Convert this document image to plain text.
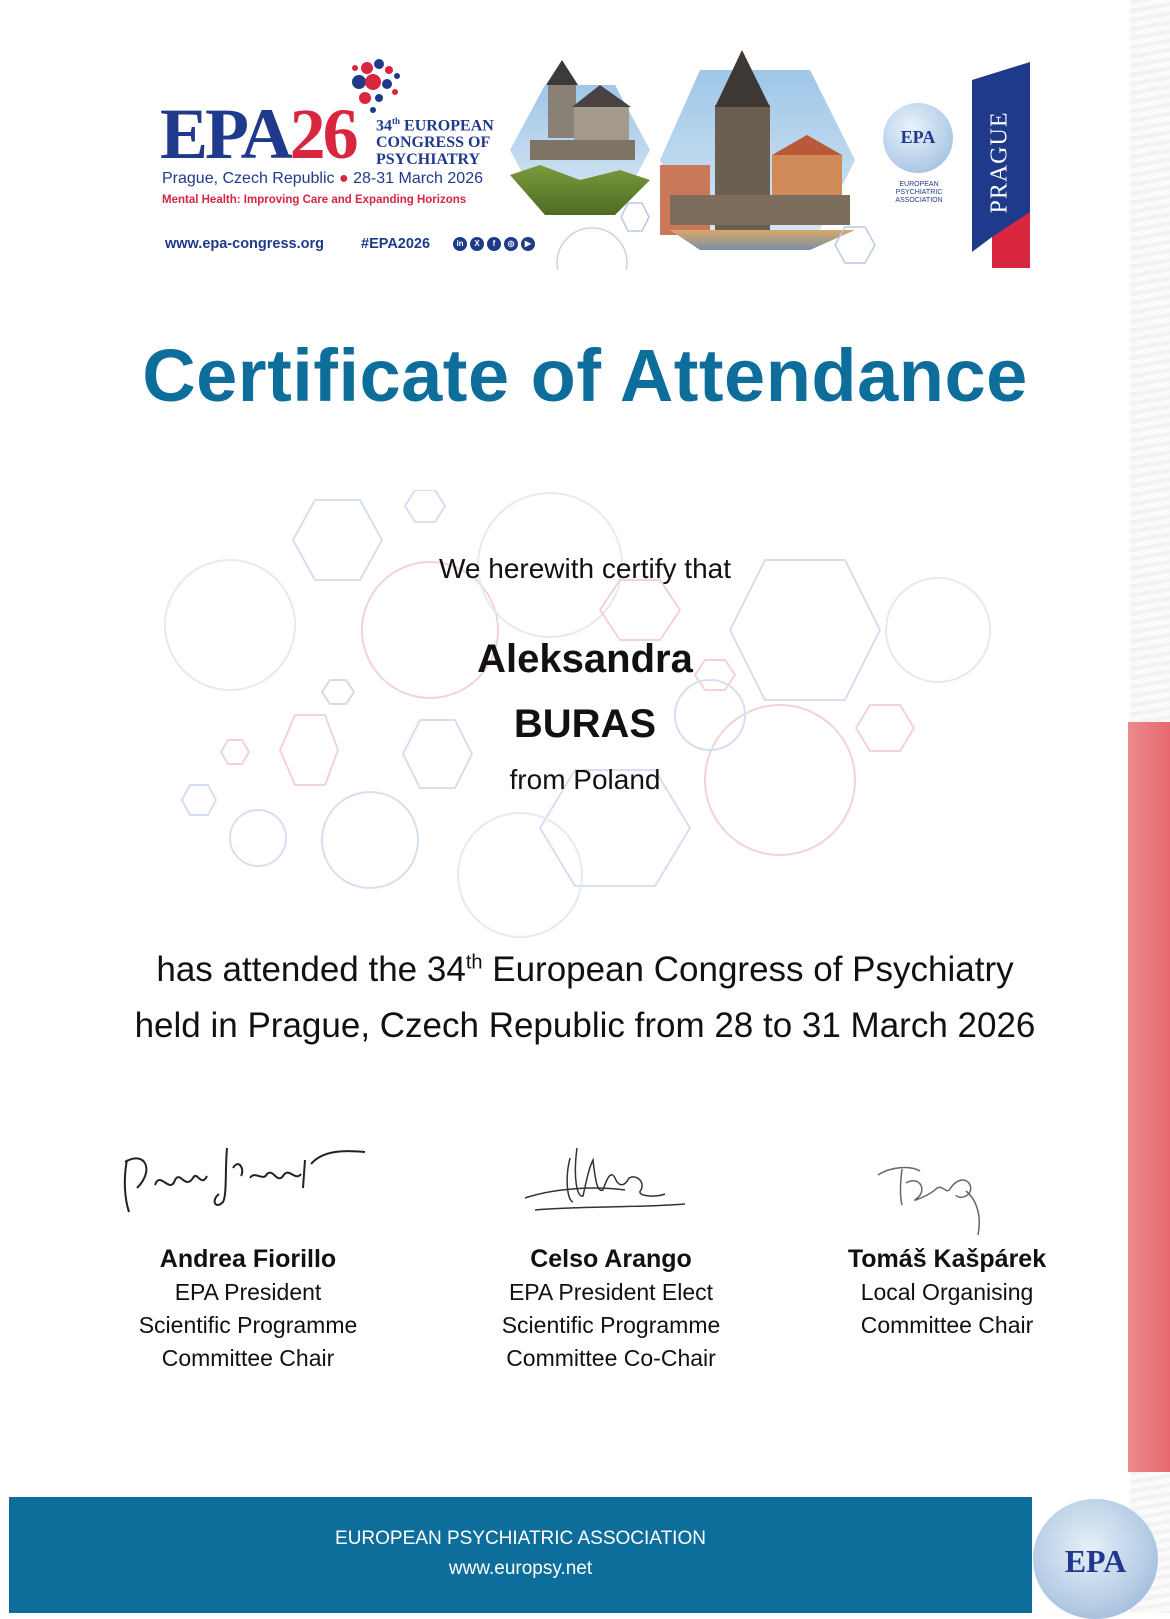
EPA26 34th EUROPEAN
CONGRESS OF
PSYCHIATRY
Prague, Czech Republic ● 28-31 March 2026
Mental Health: Improving Care and Expanding Horizons
www.epa-congress.org	#EPA2026	in	X	f	◎	▶
EPA
EUROPEAN
PSYCHIATRIC
ASSOCIATION	PRAGUE
Certificate of Attendance
We herewith certify that
Aleksandra
BURAS
from Poland
has attended the 34th European Congress of Psychiatry
held in Prague, Czech Republic from 28 to 31 March 2026
Andrea Fiorillo
EPA President
Scientific Programme
Committee Chair
Celso Arango
EPA President Elect
Scientific Programme
Committee Co-Chair
Tomáš Kašpárek
Local Organising
Committee Chair
EUROPEAN PSYCHIATRIC ASSOCIATION
www.europsy.net	EPA
